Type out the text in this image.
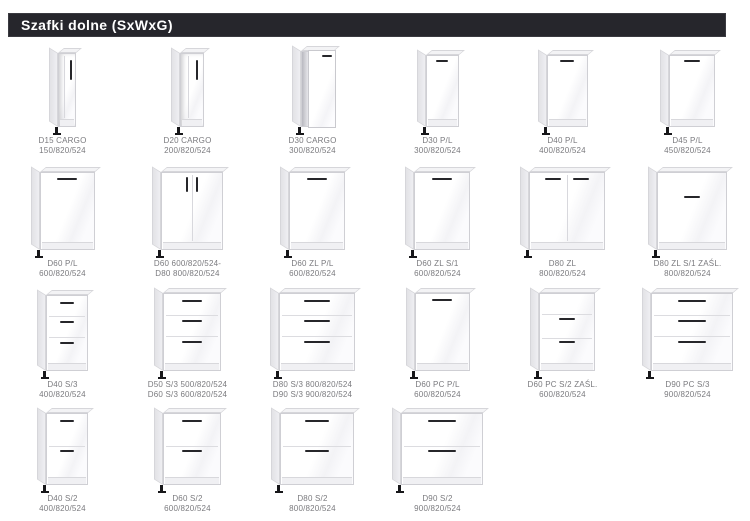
Szafki dolne (SxWxG)
D15 CARGO
150/820/524
D20 CARGO
200/820/524
D30 CARGO
300/820/524
D30 P/L
300/820/524
D40 P/L
400/820/524
D45 P/L
450/820/524
D60 P/L
600/820/524
D60 600/820/524-
D80 800/820/524
D60 ZL P/L
600/820/524
D60 ZL S/1
600/820/524
D80 ZL
800/820/524
D80 ZL S/1 ZAŚL.
800/820/524
D40 S/3
400/820/524
D50 S/3 500/820/524
D60 S/3 600/820/524
D80 S/3 800/820/524
D90 S/3 900/820/524
D60 PC P/L
600/820/524
D60 PC S/2 ZAŚL.
600/820/524
D90 PC S/3
900/820/524
D40 S/2
400/820/524
D60 S/2
600/820/524
D80 S/2
800/820/524
D90 S/2
900/820/524
